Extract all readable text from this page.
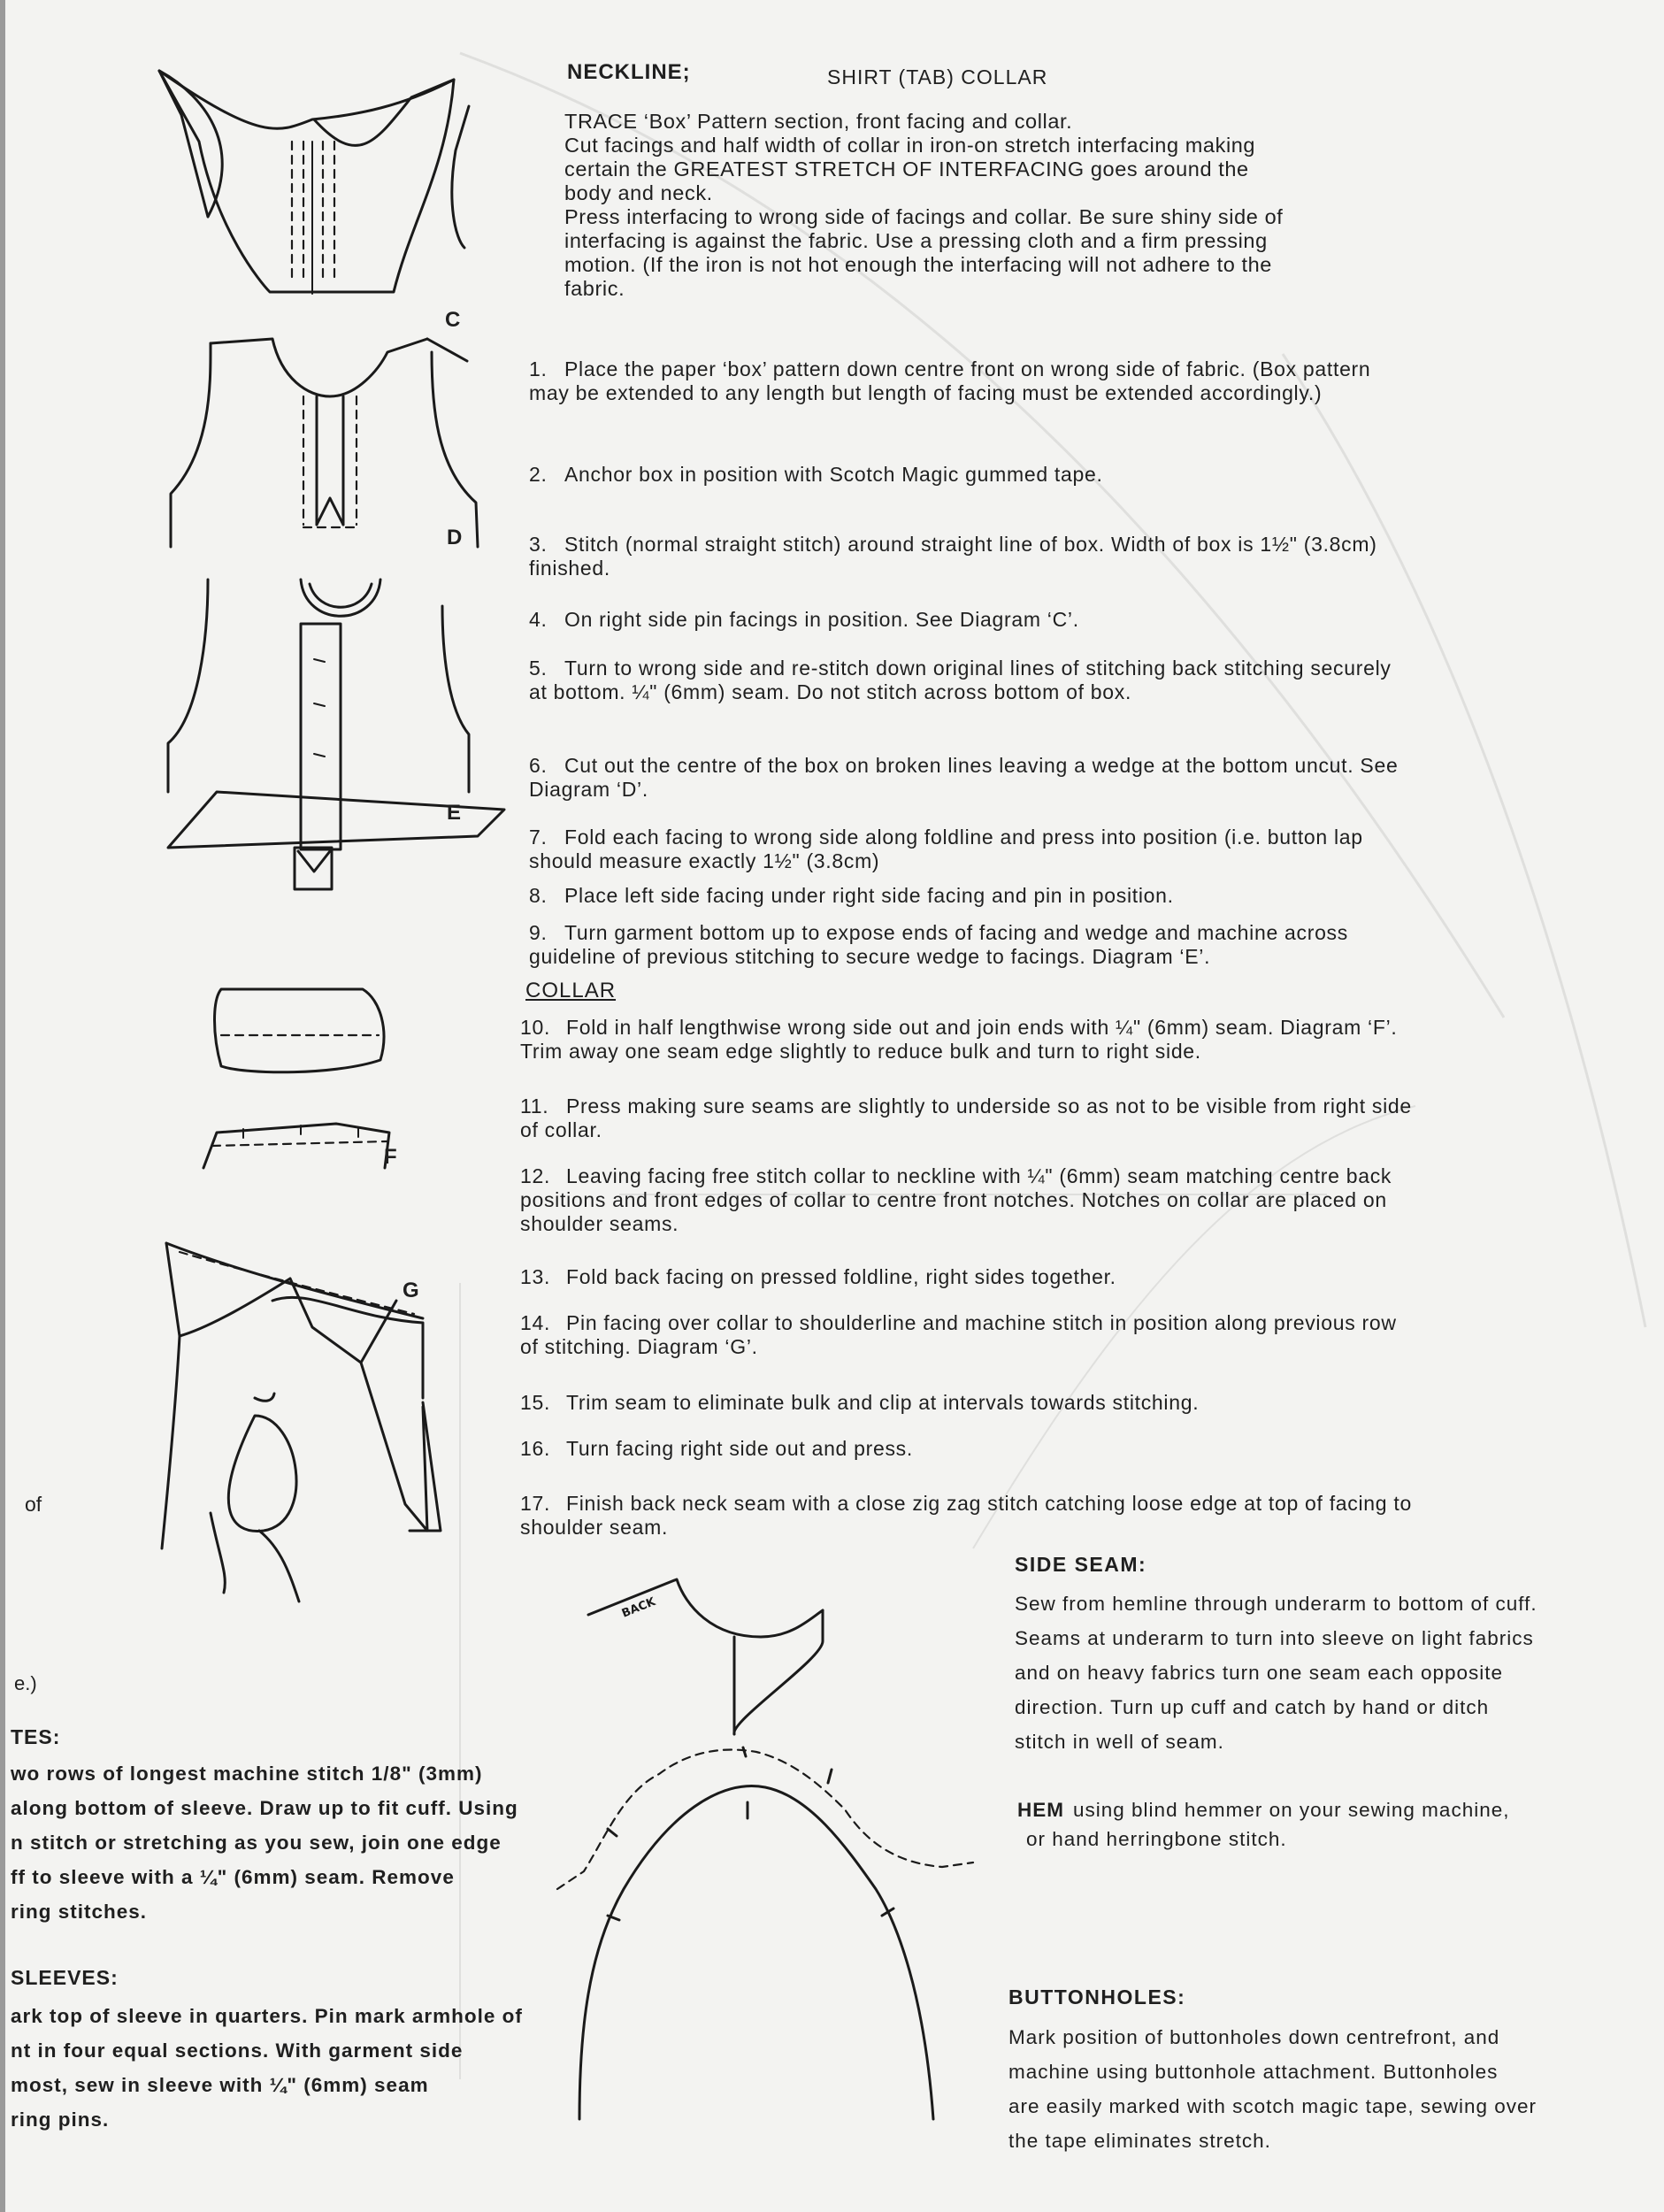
NECKLINE;	SHIRT (TAB) COLLAR
TRACE ‘Box’ Pattern section, front facing and collar.
Cut facings and half width of collar in iron-on stretch interfacing making
certain the GREATEST STRETCH OF INTERFACING goes around the
body and neck.
Press interfacing to wrong side of facings and collar. Be sure shiny side of
interfacing is against the fabric. Use a pressing cloth and a firm pressing
motion. (If the iron is not hot enough the interfacing will not adhere to the
fabric.
1. Place the paper ‘box’ pattern down centre front on wrong side of fabric. (Box pattern may be extended to any length but length of facing must be extended accordingly.)
2. Anchor box in position with Scotch Magic gummed tape.
3. Stitch (normal straight stitch) around straight line of box. Width of box is 1½" (3.8cm) finished.
4. On right side pin facings in position. See Diagram ‘C’.
5. Turn to wrong side and re-stitch down original lines of stitching back stitching securely at bottom. ¼" (6mm) seam. Do not stitch across bottom of box.
6. Cut out the centre of the box on broken lines leaving a wedge at the bottom uncut. See Diagram ‘D’.
7. Fold each facing to wrong side along foldline and press into position (i.e. button lap should measure exactly 1½" (3.8cm)
8. Place left side facing under right side facing and pin in position.
9. Turn garment bottom up to expose ends of facing and wedge and machine across guideline of previous stitching to secure wedge to facings. Diagram ‘E’.
COLLAR
10. Fold in half lengthwise wrong side out and join ends with ¼" (6mm) seam. Diagram ‘F’. Trim away one seam edge slightly to reduce bulk and turn to right side.
11. Press making sure seams are slightly to underside so as not to be visible from right side of collar.
12. Leaving facing free stitch collar to neckline with ¼" (6mm) seam matching centre back positions and front edges of collar to centre front notches. Notches on collar are placed on shoulder seams.
13. Fold back facing on pressed foldline, right sides together.
14. Pin facing over collar to shoulderline and machine stitch in position along previous row of stitching. Diagram ‘G’.
15. Trim seam to eliminate bulk and clip at intervals towards stitching.
16. Turn facing right side out and press.
17. Finish back neck seam with a close zig zag stitch catching loose edge at top of facing to shoulder seam.
SIDE SEAM:
Sew from hemline through underarm to bottom of cuff.
Seams at underarm to turn into sleeve on light fabrics
and on heavy fabrics turn one seam each opposite
direction. Turn up cuff and catch by hand or ditch
stitch in well of seam.
HEM using blind hemmer on your sewing machine,
or hand herringbone stitch.
BUTTONHOLES:
Mark position of buttonholes down centrefront, and
machine using buttonhole attachment. Buttonholes
are easily marked with scotch magic tape, sewing over
the tape eliminates stretch.
of
e.)
TES:
wo rows of longest machine stitch 1/8" (3mm)
along bottom of sleeve. Draw up to fit cuff. Using
n stitch or stretching as you sew, join one edge
ff to sleeve with a ¼" (6mm) seam. Remove
ring stitches.
SLEEVES:
ark top of sleeve in quarters. Pin mark armhole of
nt in four equal sections. With garment side
most, sew in sleeve with ¼" (6mm) seam
ring pins.
C
D
E
F
G
BACK
